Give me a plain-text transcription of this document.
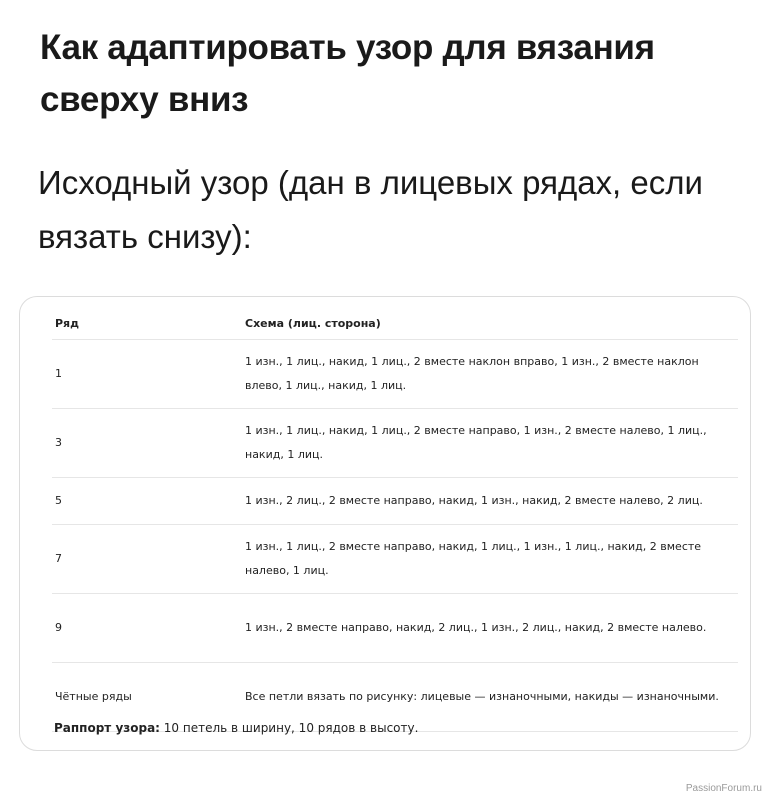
Как адаптировать узор для вязания сверху вниз
Исходный узор (дан в лицевых рядах, если вязать снизу):
Ряд	Схема (лиц. сторона)
1	1 изн., 1 лиц., накид, 1 лиц., 2 вместе наклон вправо, 1 изн., 2 вместе наклон влево, 1 лиц., накид, 1 лиц.
3	1 изн., 1 лиц., накид, 1 лиц., 2 вместе направо, 1 изн., 2 вместе налево, 1 лиц., накид, 1 лиц.
5	1 изн., 2 лиц., 2 вместе направо, накид, 1 изн., накид, 2 вместе налево, 2 лиц.
7	1 изн., 1 лиц., 2 вместе направо, накид, 1 лиц., 1 изн., 1 лиц., накид, 2 вместе налево, 1 лиц.
9	1 изн., 2 вместе направо, накид, 2 лиц., 1 изн., 2 лиц., накид, 2 вместе налево.
Чётные ряды	Все петли вязать по рисунку: лицевые — изнаночными, накиды — изнаночными.
Раппорт узора: 10 петель в ширину, 10 рядов в высоту.
PassionForum.ru
